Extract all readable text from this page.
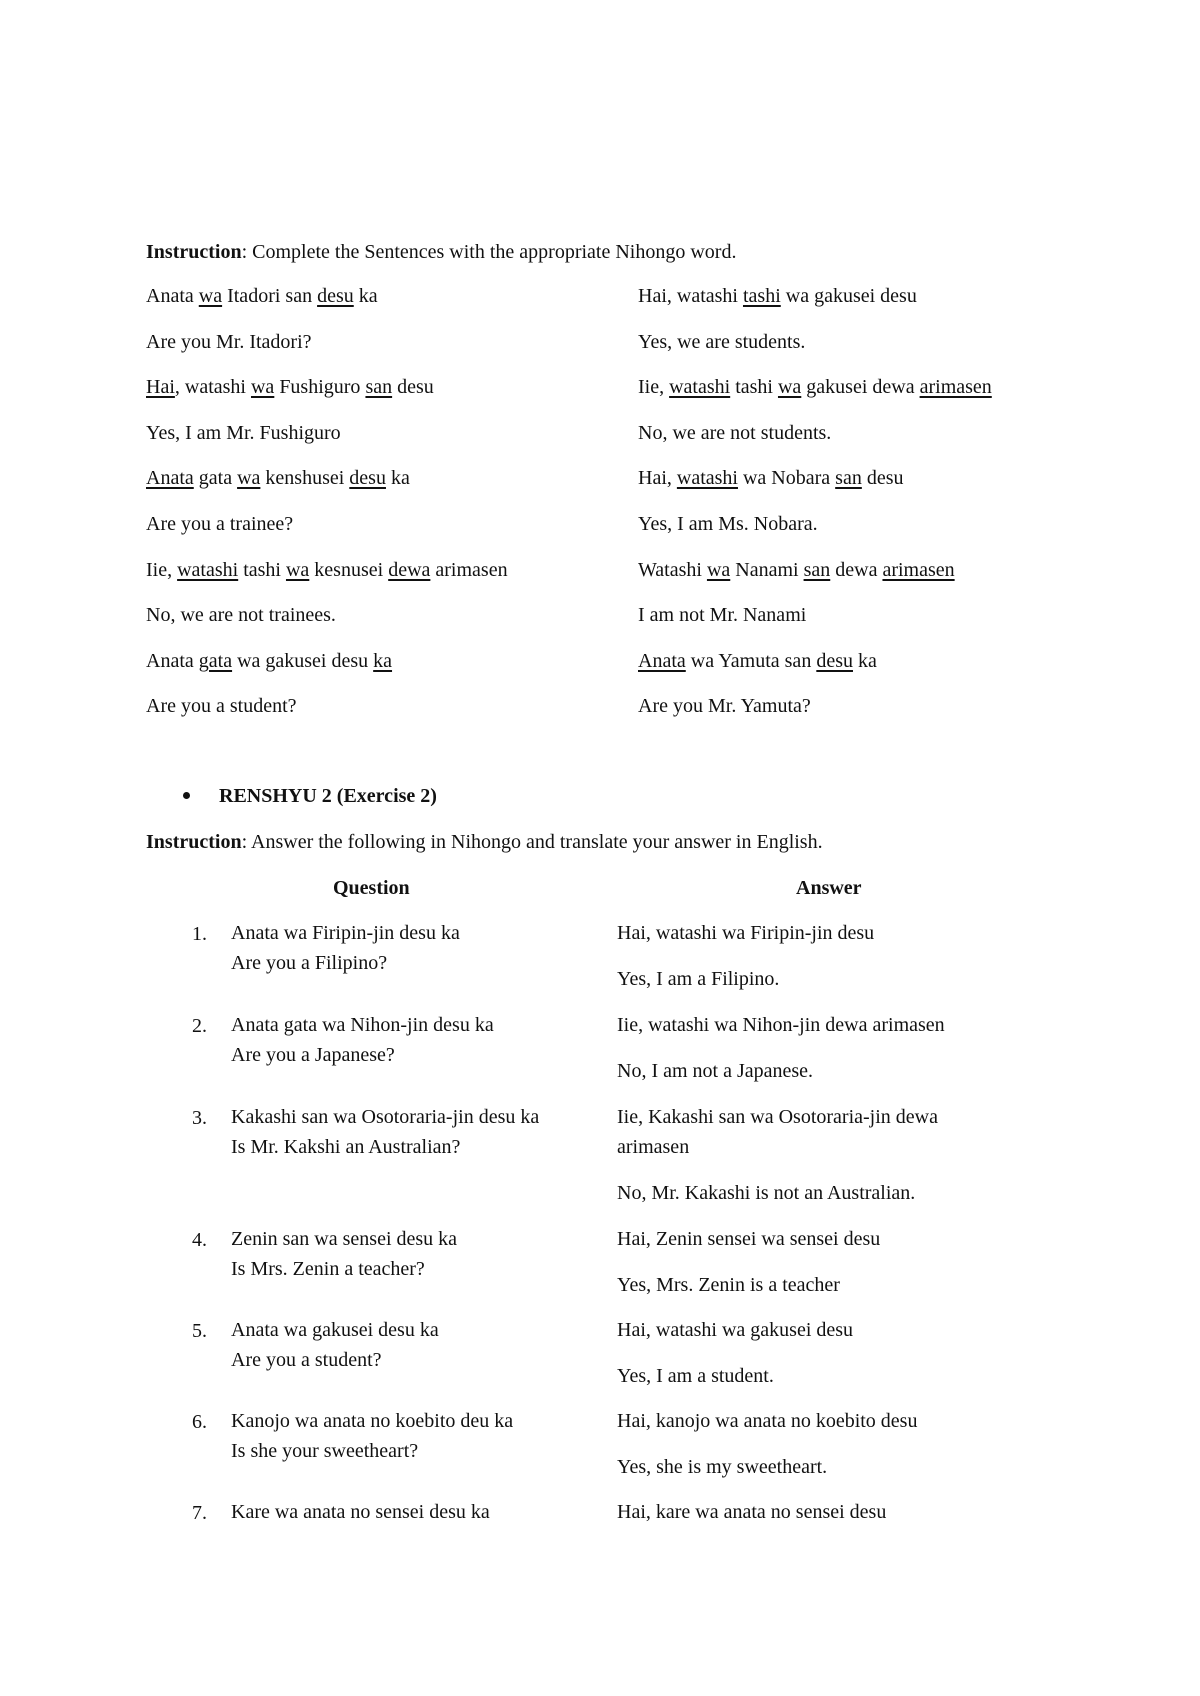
Instruction: Complete the Sentences with the appropriate Nihongo word.
Anata wa Itadori san desu ka
Are you Mr. Itadori?
Hai, watashi wa Fushiguro san desu
Yes, I am Mr. Fushiguro
Anata gata wa kenshusei desu ka
Are you a trainee?
Iie, watashi tashi wa kesnusei dewa arimasen
No, we are not trainees.
Anata gata wa gakusei desu ka
Are you a student?
Hai, watashi tashi wa gakusei desu
Yes, we are students.
Iie, watashi tashi wa gakusei dewa arimasen
No, we are not students.
Hai, watashi wa Nobara san desu
Yes, I am Ms. Nobara.
Watashi wa Nanami san dewa arimasen
I am not Mr. Nanami
Anata wa Yamuta san desu ka
Are you Mr. Yamuta?
RENSHYU 2 (Exercise 2)
Instruction: Answer the following in Nihongo and translate your answer in English.
Question	Answer
1. Anata wa Firipin-jin desu ka
Are you a Filipino?
Hai, watashi wa Firipin-jin desu
Yes, I am a Filipino.
2. Anata gata wa Nihon-jin desu ka
Are you a Japanese?
Iie, watashi wa Nihon-jin dewa arimasen
No, I am not a Japanese.
3. Kakashi san wa Osotoraria-jin desu ka
Is Mr. Kakshi an Australian?
Iie, Kakashi san wa Osotoraria-jin dewa arimasen
No, Mr. Kakashi is not an Australian.
4. Zenin san wa sensei desu ka
Is Mrs. Zenin a teacher?
Hai, Zenin sensei wa sensei desu
Yes, Mrs. Zenin is a teacher
5. Anata wa gakusei desu ka
Are you a student?
Hai, watashi wa gakusei desu
Yes, I am a student.
6. Kanojo wa anata no koebito deu ka
Is she your sweetheart?
Hai, kanojo wa anata no koebito desu
Yes, she is my sweetheart.
7. Kare wa anata no sensei desu ka	Hai, kare wa anata no sensei desu
